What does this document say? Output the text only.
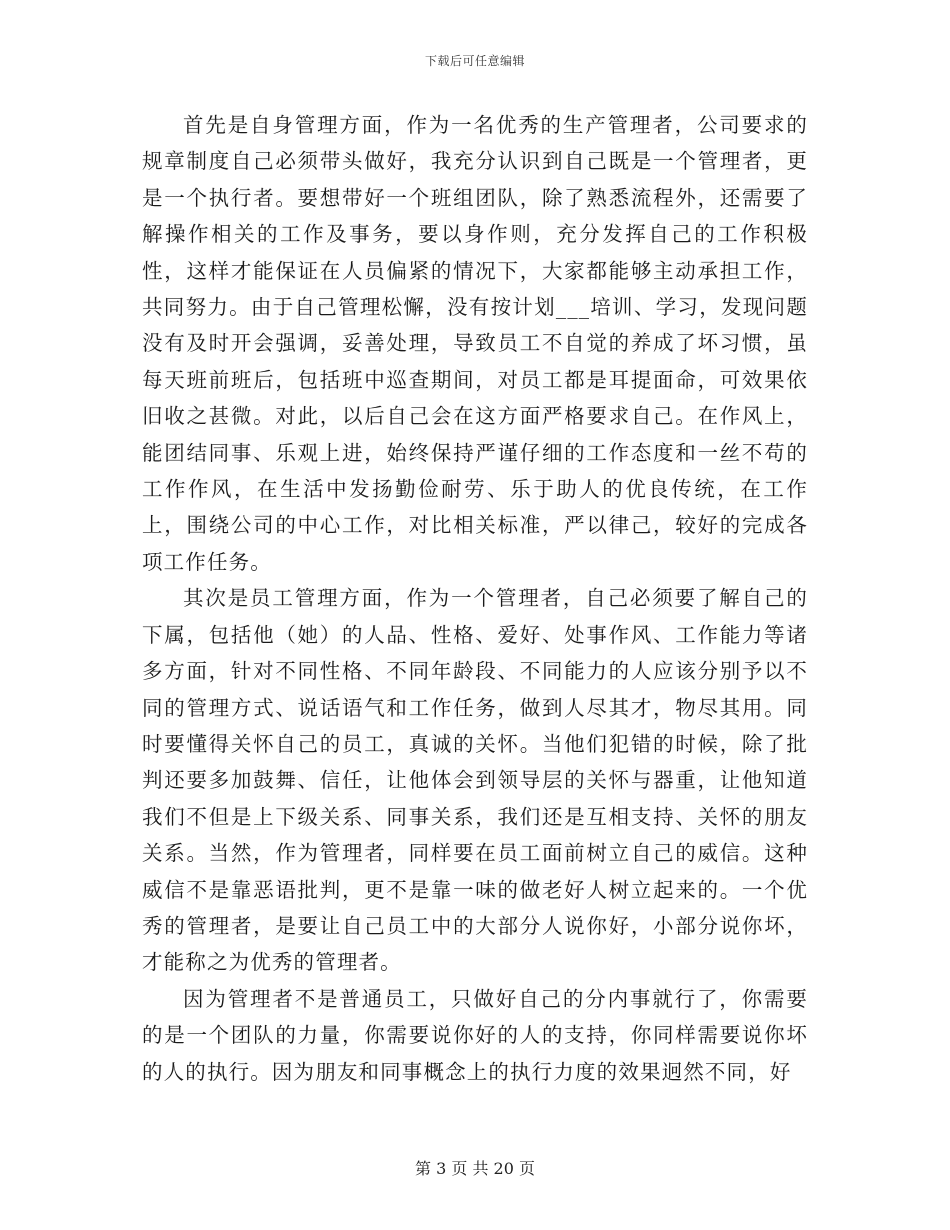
下载后可任意编辑

首先是自身管理方面，作为一名优秀的生产管理者，公司要求的规章制度自己必须带头做好，我充分认识到自己既是一个管理者，更是一个执行者。要想带好一个班组团队，除了熟悉流程外，还需要了解操作相关的工作及事务，要以身作则，充分发挥自己的工作积极性，这样才能保证在人员偏紧的情况下，大家都能够主动承担工作，共同努力。由于自己管理松懈，没有按计划___培训、学习，发现问题没有及时开会强调，妥善处理，导致员工不自觉的养成了坏习惯，虽每天班前班后，包括班中巡查期间，对员工都是耳提面命，可效果依旧收之甚微。对此，以后自己会在这方面严格要求自己。在作风上，能团结同事、乐观上进，始终保持严谨仔细的工作态度和一丝不苟的工作作风，在生活中发扬勤俭耐劳、乐于助人的优良传统，在工作上，围绕公司的中心工作，对比相关标准，严以律己，较好的完成各项工作任务。

其次是员工管理方面，作为一个管理者，自己必须要了解自己的下属，包括他（她）的人品、性格、爱好、处事作风、工作能力等诸多方面，针对不同性格、不同年龄段、不同能力的人应该分别予以不同的管理方式、说话语气和工作任务，做到人尽其才，物尽其用。同时要懂得关怀自己的员工，真诚的关怀。当他们犯错的时候，除了批判还要多加鼓舞、信任，让他体会到领导层的关怀与器重，让他知道我们不但是上下级关系、同事关系，我们还是互相支持、关怀的朋友关系。当然，作为管理者，同样要在员工面前树立自己的威信。这种威信不是靠恶语批判，更不是靠一味的做老好人树立起来的。一个优秀的管理者，是要让自己员工中的大部分人说你好，小部分说你坏，才能称之为优秀的管理者。

因为管理者不是普通员工，只做好自己的分内事就行了，你需要的是一个团队的力量，你需要说你好的人的支持，你同样需要说你坏的人的执行。因为朋友和同事概念上的执行力度的效果迥然不同，好

第 3 页 共 20 页
